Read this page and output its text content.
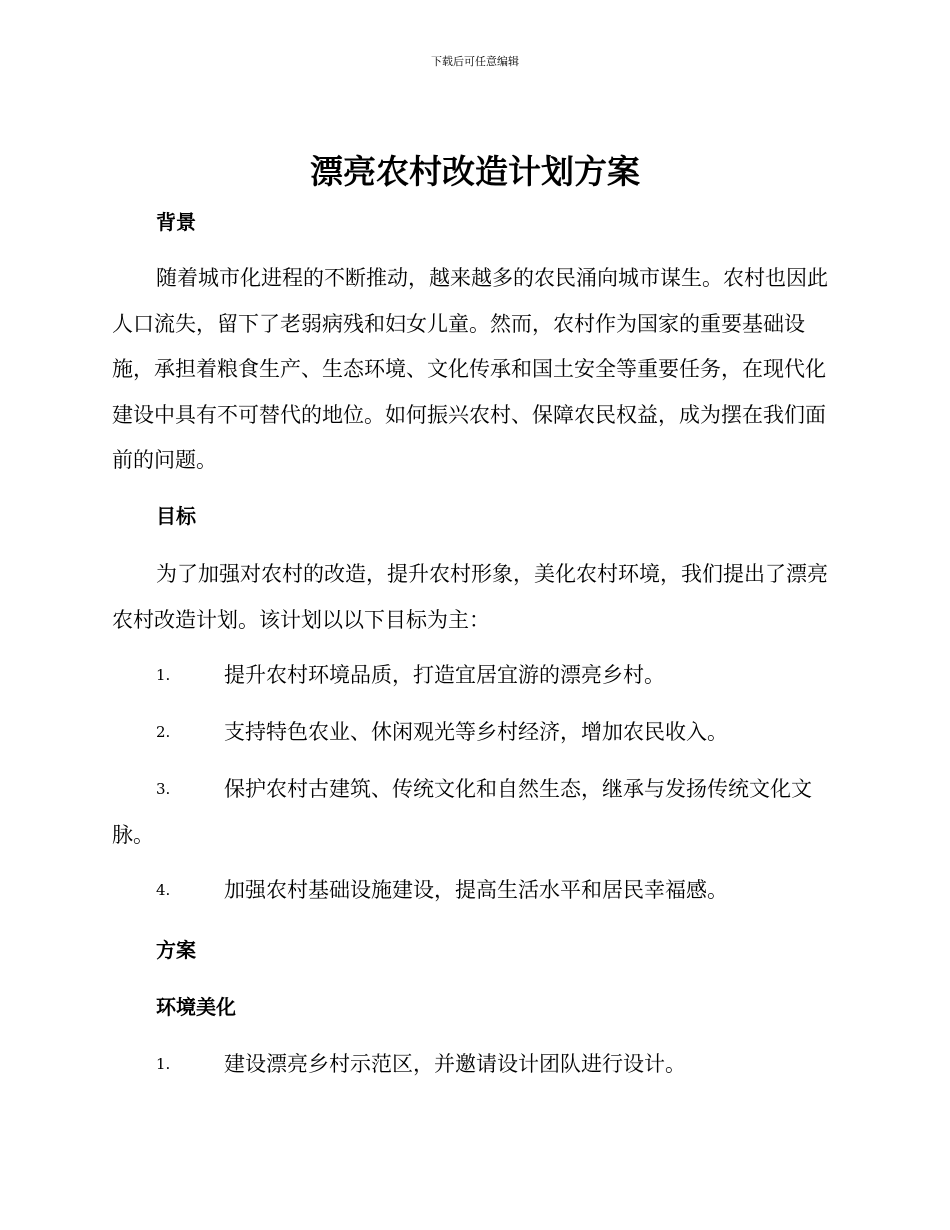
下载后可任意编辑
漂亮农村改造计划方案
背景

随着城市化进程的不断推动，越来越多的农民涌向城市谋生。农村也因此人口流失，留下了老弱病残和妇女儿童。然而，农村作为国家的重要基础设施，承担着粮食生产、生态环境、文化传承和国土安全等重要任务，在现代化建设中具有不可替代的地位。如何振兴农村、保障农民权益，成为摆在我们面前的问题。

目标

为了加强对农村的改造，提升农村形象，美化农村环境，我们提出了漂亮农村改造计划。该计划以以下目标为主：

1.	提升农村环境品质，打造宜居宜游的漂亮乡村。
2.	支持特色农业、休闲观光等乡村经济，增加农民收入。
3.	保护农村古建筑、传统文化和自然生态，继承与发扬传统文化文脉。
4.	加强农村基础设施建设，提高生活水平和居民幸福感。
方案
环境美化
1.	建设漂亮乡村示范区，并邀请设计团队进行设计。
